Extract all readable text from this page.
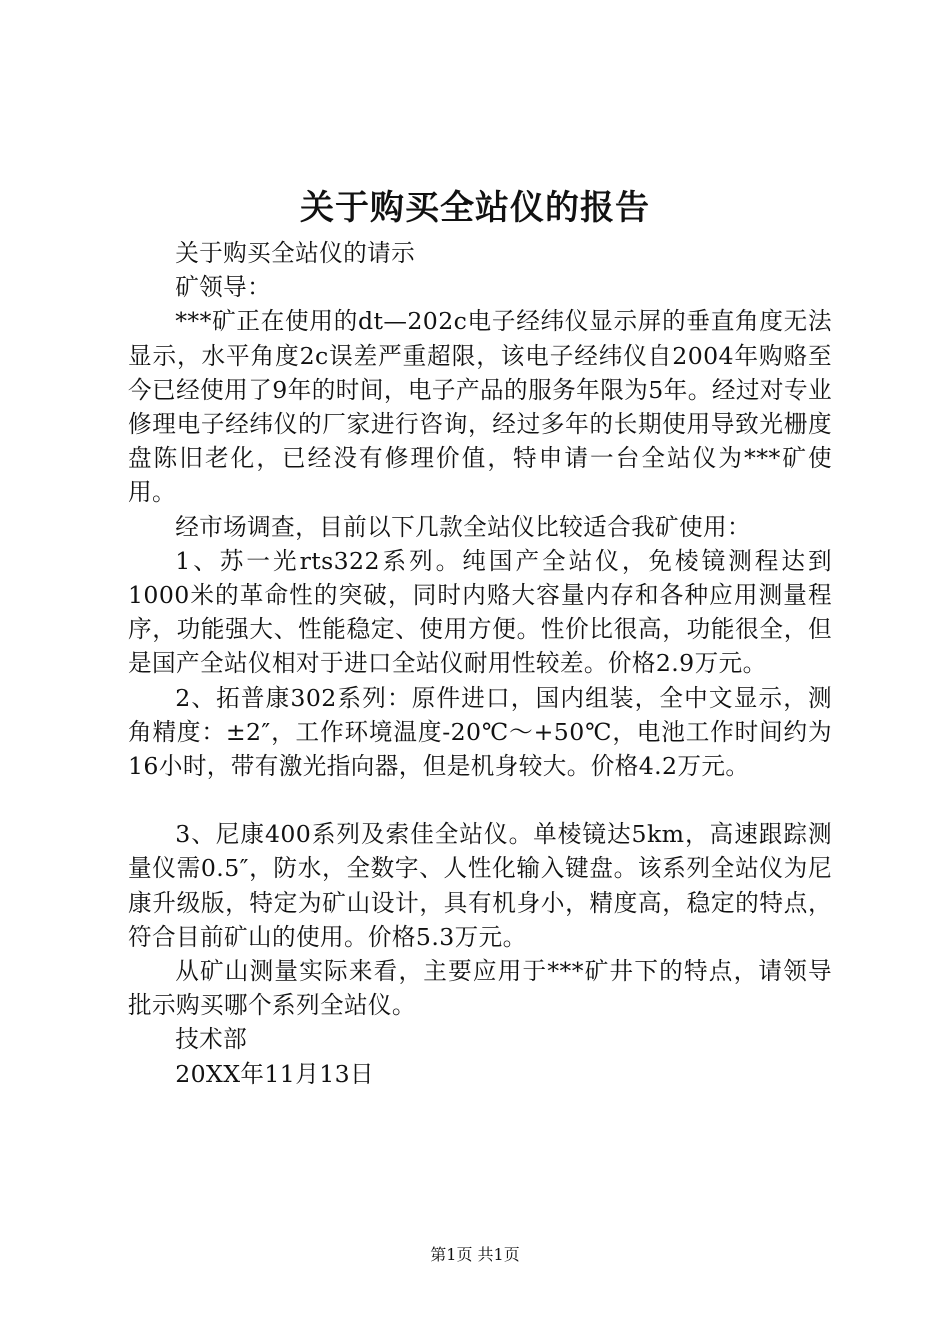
关于购买全站仪的报告

关于购买全站仪的请示

矿领导：

***矿正在使用的dt—202c电子经纬仪显示屏的垂直角度无法显示，水平角度2c误差严重超限，该电子经纬仪自2004年购赂至今已经使用了9年的时间，电子产品的服务年限为5年。经过对专业修理电子经纬仪的厂家进行咨询，经过多年的长期使用导致光栅度盘陈旧老化，已经没有修理价值，特申请一台全站仪为***矿使用。

经市场调查，目前以下几款全站仪比较适合我矿使用：

1、苏一光rts322系列。纯国产全站仪，免棱镜测程达到1000米的革命性的突破，同时内赂大容量内存和各种应用测量程序，功能强大、性能稳定、使用方便。性价比很高，功能很全，但是国产全站仪相对于进口全站仪耐用性较差。价格2.9万元。

2、拓普康302系列：原件进口，国内组装，全中文显示，测角精度：±2″，工作环境温度-20℃～+50℃，电池工作时间约为16小时，带有激光指向器，但是机身较大。价格4.2万元。

3、尼康400系列及索佳全站仪。单棱镜达5km，高速跟踪测量仪需0.5″，防水，全数字、人性化输入键盘。该系列全站仪为尼康升级版，特定为矿山设计，具有机身小，精度高，稳定的特点，符合目前矿山的使用。价格5.3万元。

从矿山测量实际来看，主要应用于***矿井下的特点，请领导批示购买哪个系列全站仪。

技术部

20XX年11月13日

第1页 共1页
